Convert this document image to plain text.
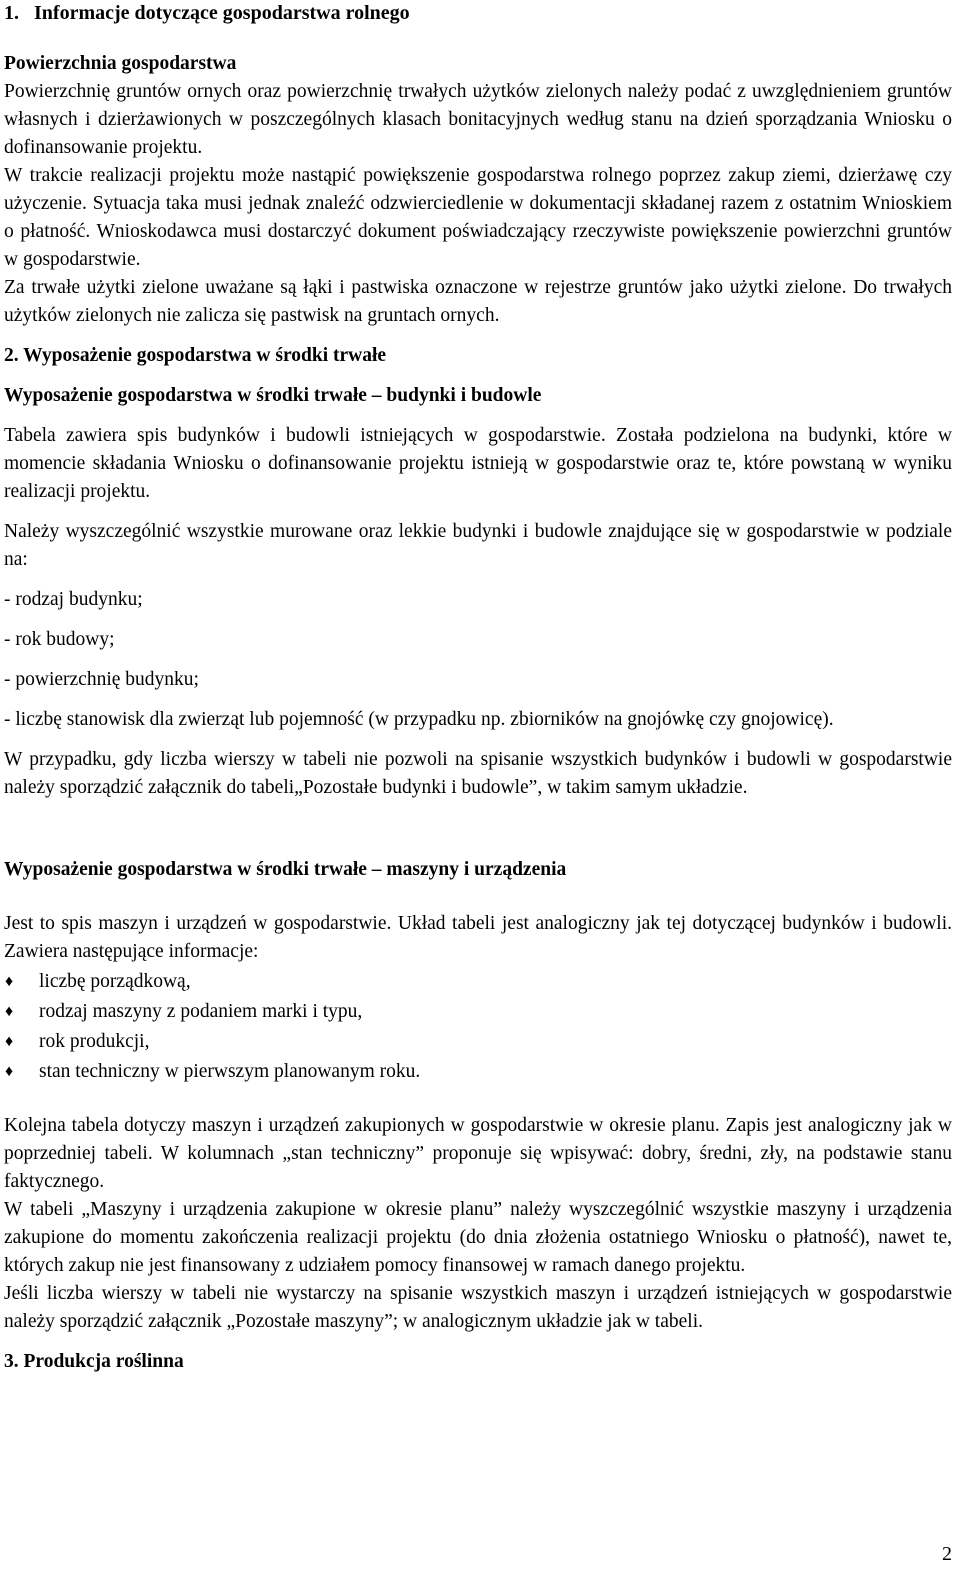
1. Informacje dotyczące gospodarstwa rolnego
Powierzchnia gospodarstwa

Powierzchnię gruntów ornych oraz powierzchnię trwałych użytków zielonych należy podać z uwzględnieniem gruntów własnych i dzierżawionych w poszczególnych klasach bonitacyjnych według stanu na dzień sporządzania Wniosku o dofinansowanie projektu.

W trakcie realizacji projektu może nastąpić powiększenie gospodarstwa rolnego poprzez zakup ziemi, dzierżawę czy użyczenie. Sytuacja taka musi jednak znaleźć odzwierciedlenie w dokumentacji składanej razem z ostatnim Wnioskiem o płatność. Wnioskodawca musi dostarczyć dokument poświadczający rzeczywiste powiększenie powierzchni gruntów w gospodarstwie.

Za trwałe użytki zielone uważane są łąki i pastwiska oznaczone w rejestrze gruntów jako użytki zielone. Do trwałych użytków zielonych nie zalicza się pastwisk na gruntach ornych.

2. Wyposażenie gospodarstwa w środki trwałe
Wyposażenie gospodarstwa w środki trwałe – budynki i budowle

Tabela zawiera spis budynków i budowli istniejących w gospodarstwie. Została podzielona na budynki, które w momencie składania Wniosku o dofinansowanie projektu istnieją w gospodarstwie oraz te, które powstaną w wyniku realizacji projektu.

Należy wyszczególnić wszystkie murowane oraz lekkie budynki i budowle znajdujące się w gospodarstwie w podziale na:

- rodzaj budynku;
- rok budowy;
- powierzchnię budynku;
- liczbę stanowisk dla zwierząt lub pojemność (w przypadku np. zbiorników na gnojówkę czy gnojowicę).

W przypadku, gdy liczba wierszy w tabeli nie pozwoli na spisanie wszystkich budynków i budowli w gospodarstwie należy sporządzić załącznik do tabeli„Pozostałe budynki i budowle”, w takim samym układzie.

Wyposażenie gospodarstwa w środki trwałe – maszyny i urządzenia

Jest to spis maszyn i urządzeń w gospodarstwie. Układ tabeli jest analogiczny jak tej dotyczącej budynków i budowli. Zawiera następujące informacje:

♦ liczbę porządkową,
♦ rodzaj maszyny z podaniem marki i typu,
♦ rok produkcji,
♦ stan techniczny w pierwszym planowanym roku.

Kolejna tabela dotyczy maszyn i urządzeń zakupionych w gospodarstwie w okresie planu. Zapis jest analogiczny jak w poprzedniej tabeli. W kolumnach „stan techniczny” proponuje się wpisywać: dobry, średni, zły, na podstawie stanu faktycznego.

W tabeli „Maszyny i urządzenia zakupione w okresie planu” należy wyszczególnić wszystkie maszyny i urządzenia zakupione do momentu zakończenia realizacji projektu (do dnia złożenia ostatniego Wniosku o płatność), nawet te, których zakup nie jest finansowany z udziałem pomocy finansowej w ramach danego projektu.

Jeśli liczba wierszy w tabeli nie wystarczy na spisanie wszystkich maszyn i urządzeń istniejących w gospodarstwie należy sporządzić załącznik „Pozostałe maszyny”; w analogicznym układzie jak w tabeli.

3. Produkcja roślinna
2
